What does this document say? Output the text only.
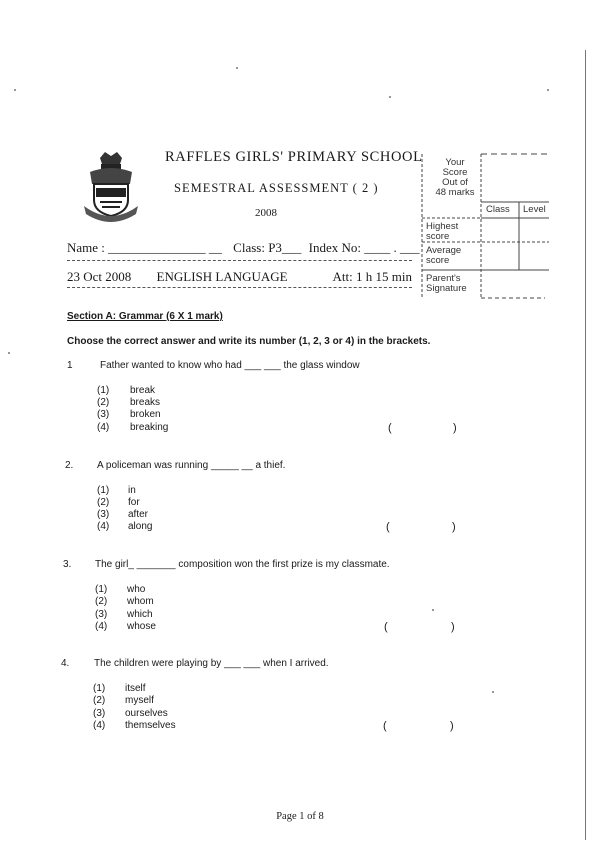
RAFFLES GIRLS' PRIMARY SCHOOL
SEMESTRAL ASSESSMENT ( 2 )
2008
Name : _______________ __ Class: P3___ Index No: ____ . ___
23 Oct 2008 ENGLISH LANGUAGE	Att: 1 h 15 min
Your
Score
Out of
48 marks
Class Level
Highest
score
Average
score
Parent's
Signature
Section A: Grammar (6 X 1 mark)
Choose the correct answer and write its number (1, 2, 3 or 4) in the brackets.
1	Father wanted to know who had ___ ___ the glass window
(1) break
(2) breaks
(3) broken
(4) breaking	(	)
2. A policeman was running _____ __ a thief.
(1) in
(2) for
(3) after
(4) along	(	)
3. The girl_ _______ composition won the first prize is my classmate.
(1) who
(2) whom
(3) which
(4) whose	(	)
4. The children were playing by ___ ___ when I arrived.
(1) itself
(2) myself
(3) ourselves
(4) themselves	(	)
Page 1 of 8
